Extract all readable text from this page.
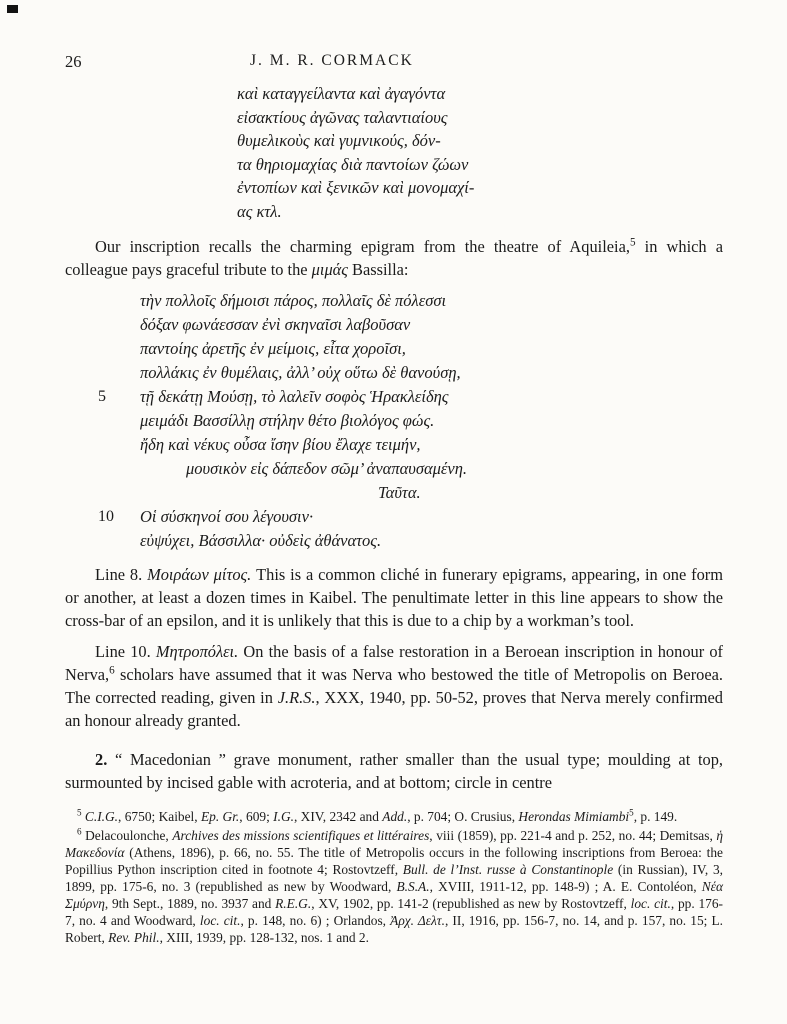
26	J. M. R. CORMACK
καὶ καταγγείλαντα καὶ ἀγαγόντα
εἰσακτίους ἀγῶνας ταλαντιαίους
θυμελικοὺς καὶ γυμνικούς, δόν-
τα θηριομαχίας διὰ παντοίων ζώων
ἐντοπίων καὶ ξενικῶν καὶ μονομαχί-
ας κτλ.

Our inscription recalls the charming epigram from the theatre of Aquileia,$^5$ in which a colleague pays graceful tribute to the μιμάς Bassilla:

τὴν πολλοῖς δήμοισι πάρος, πολλαῖς δὲ πόλεσσι
δόξαν φωνάεσσαν ἐνὶ σκηναῖσι λαβοῦσαν
παντοίης ἀρετῆς ἐν μείμοις, εἶτα χοροῖσι,
πολλάκις ἐν θυμέλαις, ἀλλ’ οὐχ οὕτω δὲ θανούσῃ,
5 τῇ δεκάτῃ Μούσῃ, τὸ λαλεῖν σοφὸς Ἡρακλείδης
μειμάδι Βασσίλλῃ στήλην θέτο βιολόγος φώς.
ἤδη καὶ νέκυς οὖσα ἴσην βίου ἔλαχε τειμήν,
μουσικὸν εἰς δάπεδον σῶμ’ ἀναπαυσαμένη.
Ταῦτα.
10 Οἱ σύσκηνοί σου λέγουσιν·
εὐψύχει, Βάσσιλλα· οὐδεὶς ἀθάνατος.

Line 8. Μοιράων μίτος. This is a common cliché in funerary epigrams, appearing, in one form or another, at least a dozen times in Kaibel. The penultimate letter in this line appears to show the cross-bar of an epsilon, and it is unlikely that this is due to a chip by a workman’s tool.

Line 10. Μητροπόλει. On the basis of a false restoration in a Beroean inscription in honour of Nerva,$^6$ scholars have assumed that it was Nerva who bestowed the title of Metropolis on Beroea. The corrected reading, given in J.R.S., XXX, 1940, pp. 50-52, proves that Nerva merely confirmed an honour already granted.

2. “ Macedonian ” grave monument, rather smaller than the usual type; moulding at top, surmounted by incised gable with acroteria, and at bottom; circle in centre

$^5$ C.I.G., 6750; Kaibel, Ep. Gr., 609; I.G., XIV, 2342 and Add., p. 704; O. Crusius, Herondas Mimiambi$^5$, p. 149.

$^6$ Delacoulonche, Archives des missions scientifiques et littéraires, viii (1859), pp. 221-4 and p. 252, no. 44; Demitsas, ἡ Μακεδονία (Athens, 1896), p. 66, no. 55. The title of Metropolis occurs in the following inscriptions from Beroea: the Popillius Python inscription cited in footnote 4; Rostovtzeff, Bull. de l’Inst. russe à Constantinople (in Russian), IV, 3, 1899, pp. 175-6, no. 3 (republished as new by Woodward, B.S.A., XVIII, 1911-12, pp. 148-9) ; A. E. Contoléon, Νέα Σμύρνη, 9th Sept., 1889, no. 3937 and R.E.G., XV, 1902, pp. 141-2 (republished as new by Rostovtzeff, loc. cit., pp. 176-7, no. 4 and Woodward, loc. cit., p. 148, no. 6) ; Orlandos, Ἀρχ. Δελτ., II, 1916, pp. 156-7, no. 14, and p. 157, no. 15; L. Robert, Rev. Phil., XIII, 1939, pp. 128-132, nos. 1 and 2.
